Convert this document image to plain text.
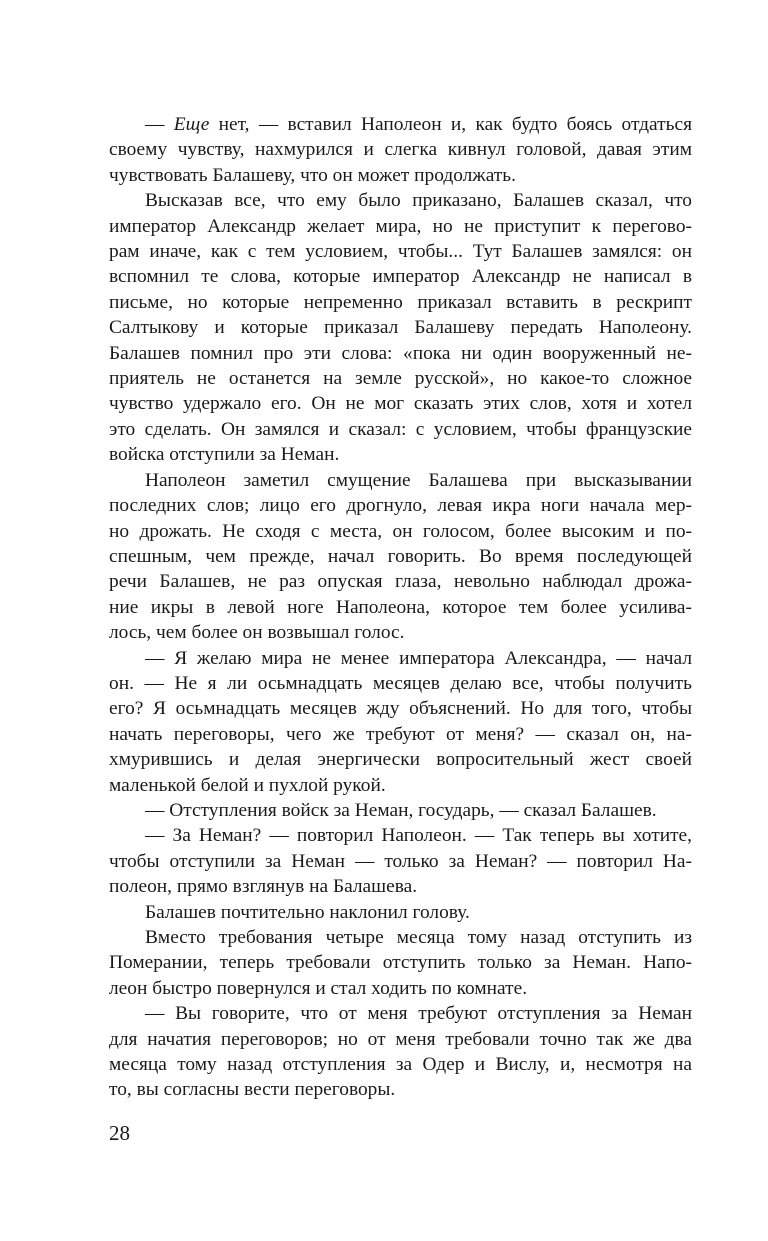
— Еще нет, — вставил Наполеон и, как будто боясь отдаться
своему чувству, нахмурился и слегка кивнул головой, давая этим
чувствовать Балашеву, что он может продолжать.

Высказав все, что ему было приказано, Балашев сказал, что
император Александр желает мира, но не приступит к перегово-
рам иначе, как с тем условием, чтобы... Тут Балашев замялся: он
вспомнил те слова, которые император Александр не написал в
письме, но которые непременно приказал вставить в рескрипт
Салтыкову и которые приказал Балашеву передать Наполеону.
Балашев помнил про эти слова: «пока ни один вооруженный не-
приятель не останется на земле русской», но какое-то сложное
чувство удержало его. Он не мог сказать этих слов, хотя и хотел
это сделать. Он замялся и сказал: с условием, чтобы французские
войска отступили за Неман.

Наполеон заметил смущение Балашева при высказывании
последних слов; лицо его дрогнуло, левая икра ноги начала мер-
но дрожать. Не сходя с места, он голосом, более высоким и по-
спешным, чем прежде, начал говорить. Во время последующей
речи Балашев, не раз опуская глаза, невольно наблюдал дрожа-
ние икры в левой ноге Наполеона, которое тем более усилива-
лось, чем более он возвышал голос.

— Я желаю мира не менее императора Александра, — начал
он. — Не я ли осьмнадцать месяцев делаю все, чтобы получить
его? Я осьмнадцать месяцев жду объяснений. Но для того, чтобы
начать переговоры, чего же требуют от меня? — сказал он, на-
хмурившись и делая энергически вопросительный жест своей
маленькой белой и пухлой рукой.

— Отступления войск за Неман, государь, — сказал Балашев.

— За Неман? — повторил Наполеон. — Так теперь вы хотите,
чтобы отступили за Неман — только за Неман? — повторил На-
полеон, прямо взглянув на Балашева.

Балашев почтительно наклонил голову.

Вместо требования четыре месяца тому назад отступить из
Померании, теперь требовали отступить только за Неман. Напо-
леон быстро повернулся и стал ходить по комнате.

— Вы говорите, что от меня требуют отступления за Неман
для начатия переговоров; но от меня требовали точно так же два
месяца тому назад отступления за Одер и Вислу, и, несмотря на
то, вы согласны вести переговоры.

28
